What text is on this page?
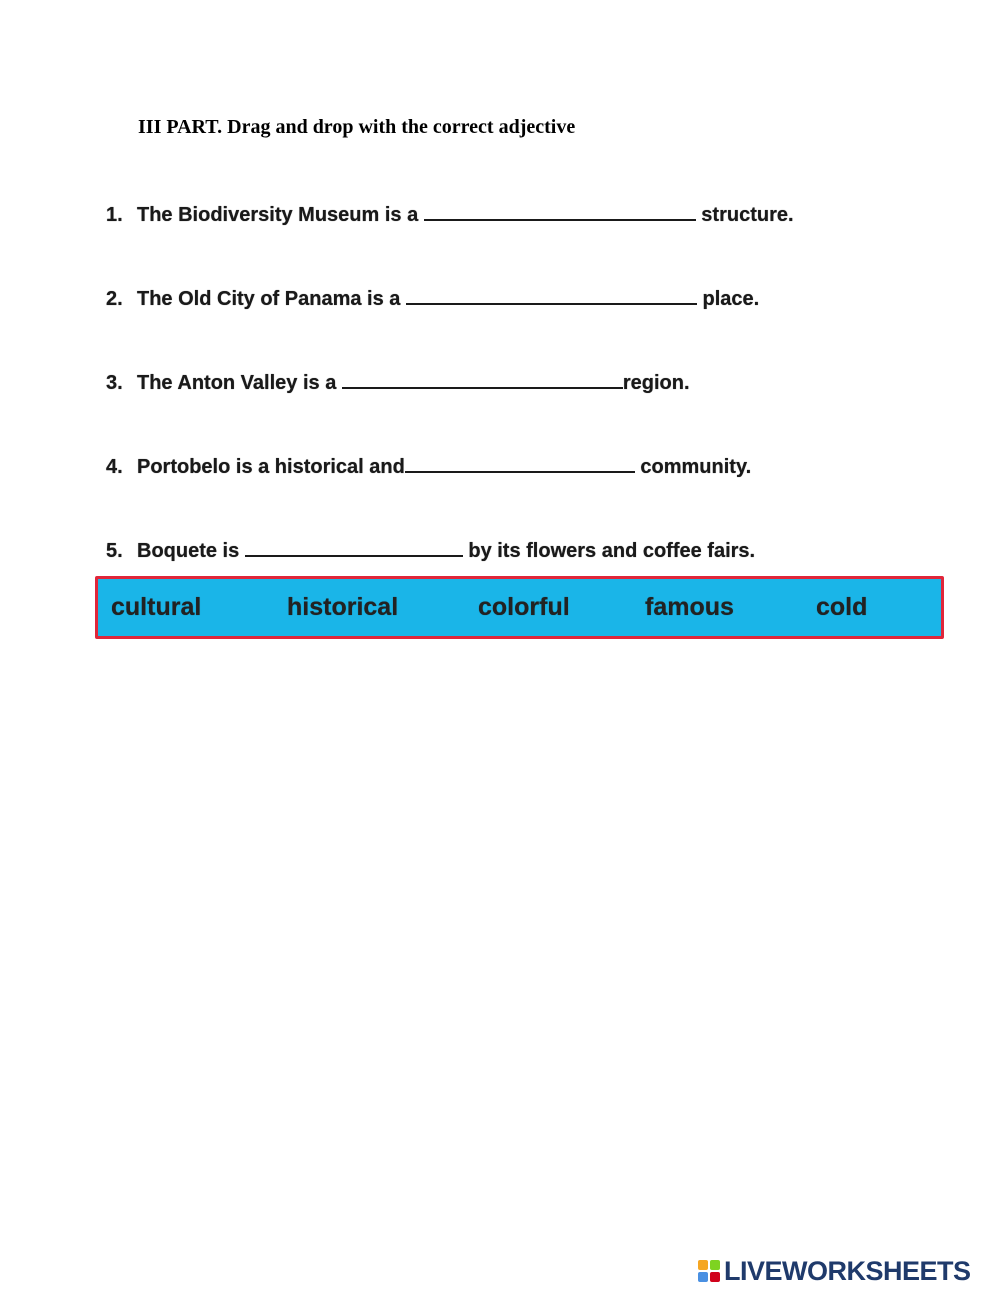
III PART. Drag and drop with the correct adjective
1. The Biodiversity Museum is a	structure.
2. The Old City of Panama is a	place.
3. The Anton Valley is a	region.
4. Portobelo is a historical and	community.
5. Boquete is	by its flowers and coffee fairs.
cultural	historical	colorful	famous	cold
LIVEWORKSHEETS
